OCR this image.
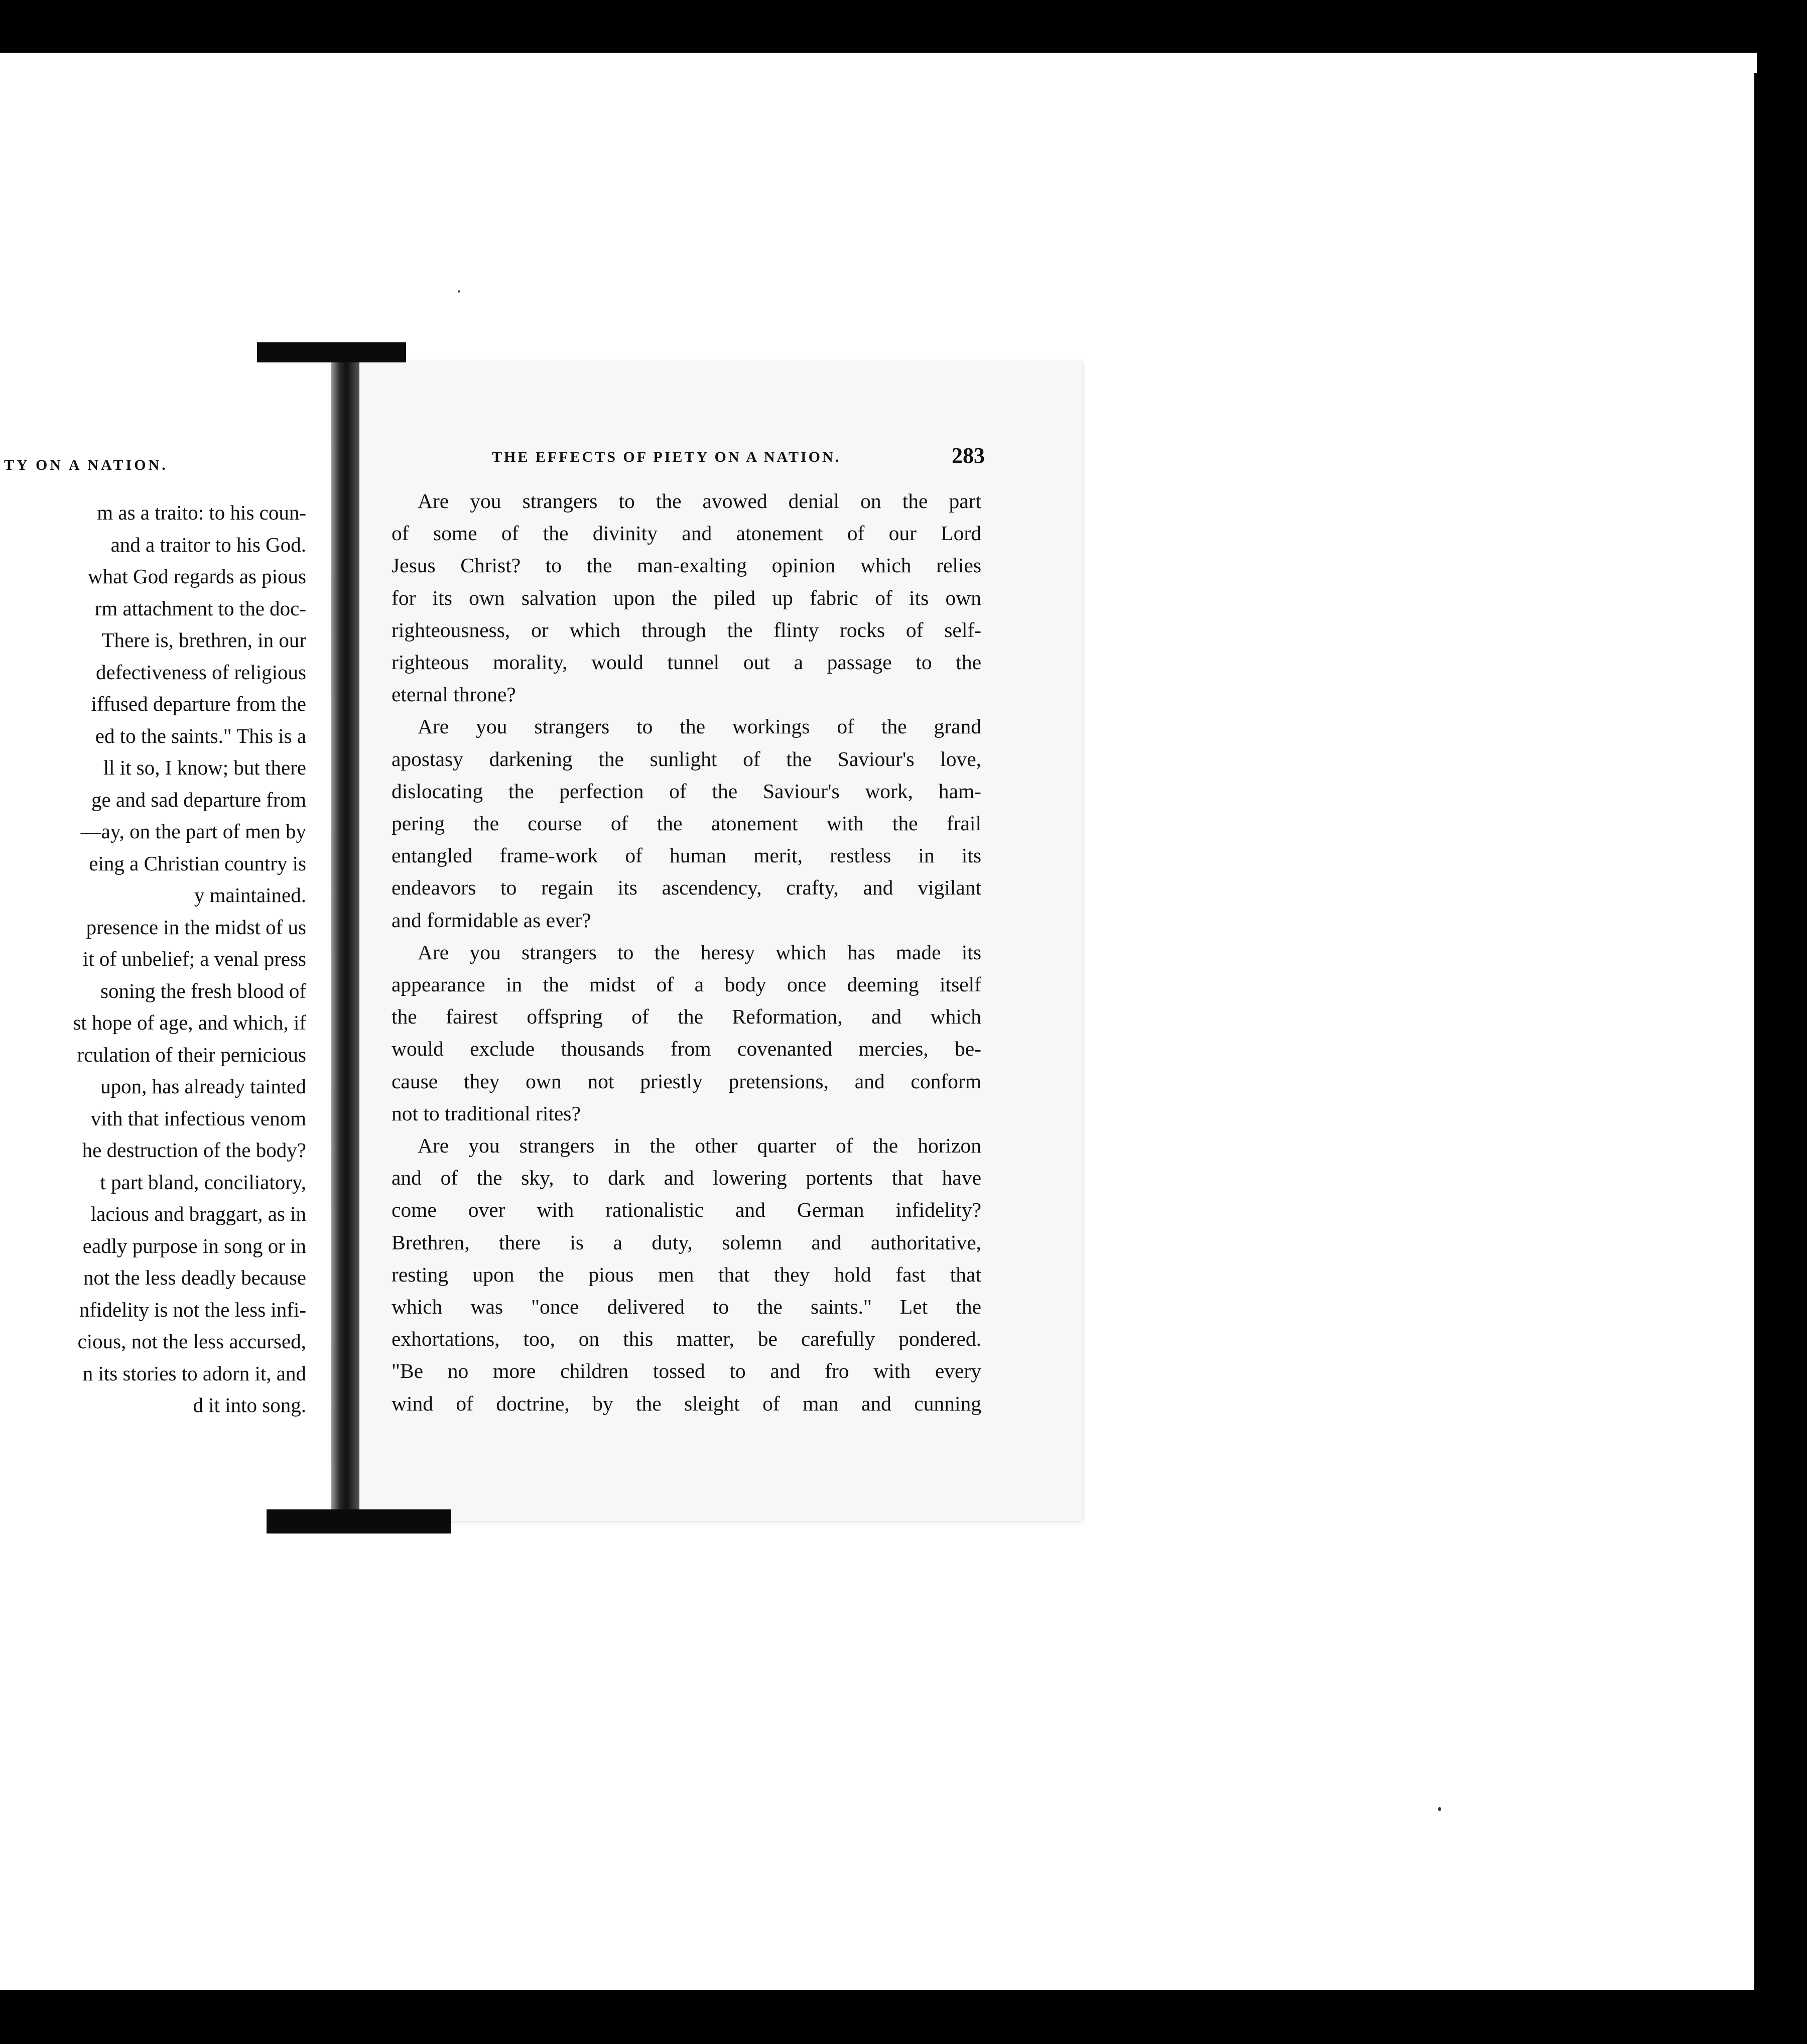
TY ON A NATION.
m as a traito: to his coun-
and a traitor to his God.
what God regards as pious
rm attachment to the doc-
There is, brethren, in our
defectiveness of religious
iffused departure from the
ed to the saints." This is a
ll it so, I know; but there
ge and sad departure from
—ay, on the part of men by
eing a Christian country is
y maintained.
presence in the midst of us
it of unbelief; a venal press
soning the fresh blood of
st hope of age, and which, if
rculation of their pernicious
upon, has already tainted
vith that infectious venom
he destruction of the body?
t part bland, conciliatory,
lacious and braggart, as in
eadly purpose in song or in
not the less deadly because
nfidelity is not the less infi-
cious, not the less accursed,
n its stories to adorn it, and
d it into song.
THE EFFECTS OF PIETY ON A NATION.	283
Are you strangers to the avowed denial on the part
of some of the divinity and atonement of our Lord
Jesus Christ? to the man-exalting opinion which relies
for its own salvation upon the piled up fabric of its own
righteousness, or which through the flinty rocks of self-
righteous morality, would tunnel out a passage to the
eternal throne?
Are you strangers to the workings of the grand
apostasy darkening the sunlight of the Saviour's love,
dislocating the perfection of the Saviour's work, ham-
pering the course of the atonement with the frail
entangled frame-work of human merit, restless in its
endeavors to regain its ascendency, crafty, and vigilant
and formidable as ever?
Are you strangers to the heresy which has made its
appearance in the midst of a body once deeming itself
the fairest offspring of the Reformation, and which
would exclude thousands from covenanted mercies, be-
cause they own not priestly pretensions, and conform
not to traditional rites?
Are you strangers in the other quarter of the horizon
and of the sky, to dark and lowering portents that have
come over with rationalistic and German infidelity?
Brethren, there is a duty, solemn and authoritative,
resting upon the pious men that they hold fast that
which was "once delivered to the saints." Let the
exhortations, too, on this matter, be carefully pondered.
"Be no more children tossed to and fro with every
wind of doctrine, by the sleight of man and cunning
